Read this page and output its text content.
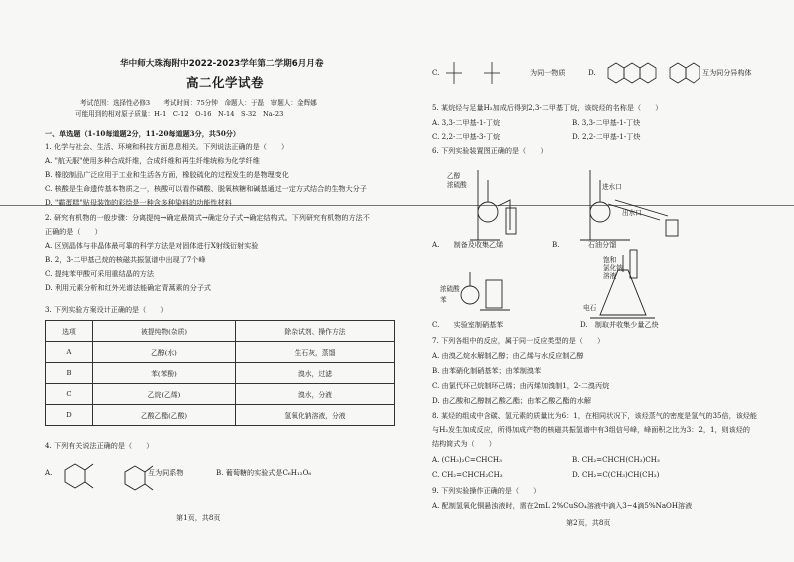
华中师大珠海附中2022-2023学年第二学期6月月卷
高二化学试卷
考试范围：选择性必修3　　考试时间：75分钟　命题人：于磊　审题人：金辉娜
可能用到的相对原子质量：H-1　C-12　O-16　N-14　S-32　Na-23
一、单选题（1-10每道题2分，11-20每道题3分，共50分）
1. 化学与社会、生活、环境和科技方面息息相关。下列说法正确的是（　　）
A. "航天服"使用多种合成纤维，合成纤维和再生纤维统称为化学纤维
B. 橡胶制品广泛应用于工业和生活各方面，橡胶硫化的过程发生的是物理变化
C. 核酸是生命遗传基本物质之一，核酸可以看作磷酸、脱氧核糖和碱基通过一定方式结合的生物大分子
D. "霸蛋糕"贴母装饰的彩绘是一种含多种染料的功能性材料
2. 研究有机物的一般步骤：分离提纯→确定最简式→确定分子式→确定结构式。下列研究有机物的方法不
正确的是（　　）
A. 区别晶体与非晶体最可靠的科学方法是对固体进行X射线衍射实验
B. 2，3-二甲基己烷的核磁共振氢谱中出现了7个峰
C. 提纯苯甲酸可采用重结晶的方法
D. 利用元素分析和红外光谱法能确定青蒿素的分子式
3. 下列实验方案设计正确的是（　　）
选项	被提纯物(杂质)	除杂试剂、操作方法
A	乙醇(水)	生石灰，蒸馏
B	苯(苯酚)	溴水，过滤
C	乙烷(乙烯)	溴水，分液
D	乙酸乙酯(乙酸)	氢氧化钠溶液，分液
4. 下列有关说法正确的是（　　）
A.	互为同系物	B. 葡萄糖的实验式是C₆H₁₂O₆
第1页，共8页
C.	为同一物质	D.	互为同分异构体
5. 某烷烃与足量H₂加成后得到2,3-二甲基丁烷，该烷烃的名称是（　　）
A. 3,3-二甲基-1-丁烷	B. 3,3-二甲基-1-丁炔
C. 2,2-二甲基-3-丁烷	D. 2,2-二甲基-1-丁炔
6. 下列实验装置图正确的是（　　）
乙醇
浓硫酸	进水口
出水口
浓硫酸
苯
饱和
氯化钠
溶液
电石
A.　　制备及收集乙烯	B.　　　　石油分馏
C.　　实验室制硝基苯	D.　制取并收集少量乙炔
7. 下列各组中的反应，属于同一反应类型的是（　　）
A. 由溴乙烷水解制乙醇；由乙烯与水反应制乙醇
B. 由苯硝化制硝基苯；由苯制溴苯
C. 由氯代环己烷制环己烯；由丙烯加溴制1，2-二溴丙烷
D. 由乙酸和乙醇制乙酸乙酯；由苯乙酸乙酯的水解
8. 某烃的组成中含碳、氢元素的质量比为6：1，在相同状况下，该烃蒸气的密度是氢气的35倍，该烃能
与H₂发生加成反应，所得加成产物的核磁共振氢谱中有3组信号峰，峰面积之比为3：2，1，则该烃的
结构简式为（　　）
A. (CH₃)₂C=CHCH₃	B. CH₂=CHCH(CH₃)CH₃
C. CH₂=CHCH₂CH₃	D. CH₂=C(CH₃)CH(CH₃)
9. 下列实验操作正确的是（　　）
A. 配制氢氧化铜悬浊液时，需在2mL 2%CuSO₄溶液中滴入3~4滴5%NaOH溶液
第2页，共8页
